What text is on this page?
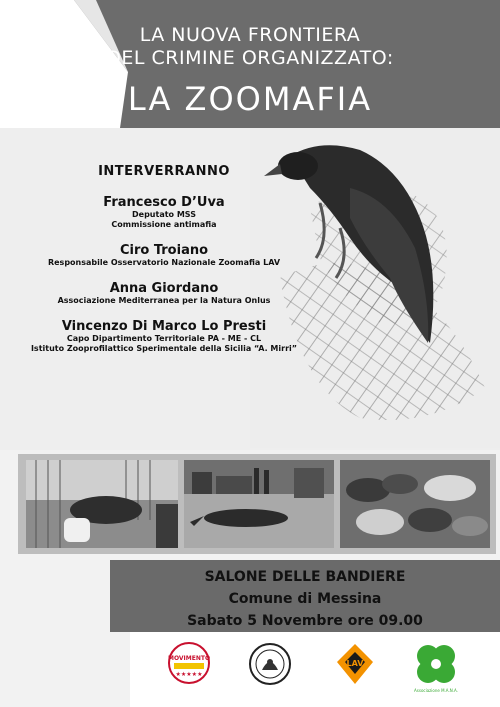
LA NUOVA FRONTIERA
DEL CRIMINE ORGANIZZATO:
LA ZOOMAFIA
INTERVERRANNO
Francesco D’Uva
Deputato MSS
Commissione antimafia
Ciro Troiano
Responsabile Osservatorio Nazionale Zoomafia LAV
Anna Giordano
Associazione Mediterranea per la Natura Onlus
Vincenzo Di Marco Lo Presti
Capo Dipartimento Territoriale PA - ME - CL
Istituto Zooprofilattico Sperimentale della Sicilia “A. Mirri”
SALONE DELLE BANDIERE
Comune di Messina
Sabato 5 Novembre ore 09.00
MOVIMENTO
★★★★★
LAV
Associazione M.A.N.A.
